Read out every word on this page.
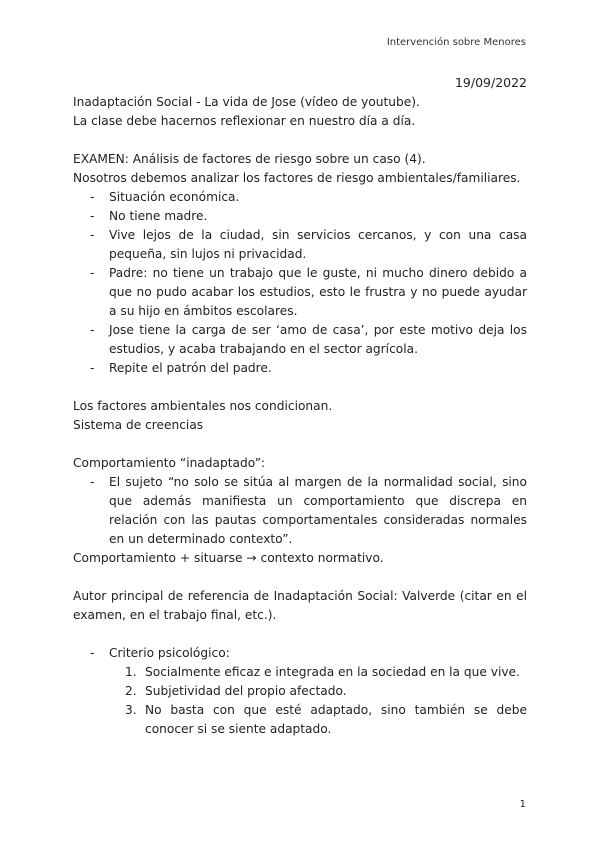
Intervención sobre Menores
19/09/2022
Inadaptación Social - La vida de Jose (vídeo de youtube).
La clase debe hacernos reflexionar en nuestro día a día.
EXAMEN: Análisis de factores de riesgo sobre un caso (4).
Nosotros debemos analizar los factores de riesgo ambientales/familiares.
- Situación económica.
- No tiene madre.
- Vive lejos de la ciudad, sin servicios cercanos, y con una casa pequeña, sin lujos ni privacidad.
- Padre: no tiene un trabajo que le guste, ni mucho dinero debido a que no pudo acabar los estudios, esto le frustra y no puede ayudar a su hijo en ámbitos escolares.
- Jose tiene la carga de ser ‘amo de casa’, por este motivo deja los estudios, y acaba trabajando en el sector agrícola.
- Repite el patrón del padre.
Los factores ambientales nos condicionan.
Sistema de creencias
Comportamiento “inadaptado”:
- El sujeto “no solo se sitúa al margen de la normalidad social, sino que además manifiesta un comportamiento que discrepa en relación con las pautas comportamentales consideradas normales en un determinado contexto”.
Comportamiento + situarse → contexto normativo.
Autor principal de referencia de Inadaptación Social: Valverde (citar en el examen, en el trabajo final, etc.).
- Criterio psicológico:
1. Socialmente eficaz e integrada en la sociedad en la que vive.
2. Subjetividad del propio afectado.
3. No basta con que esté adaptado, sino también se debe conocer si se siente adaptado.
1
